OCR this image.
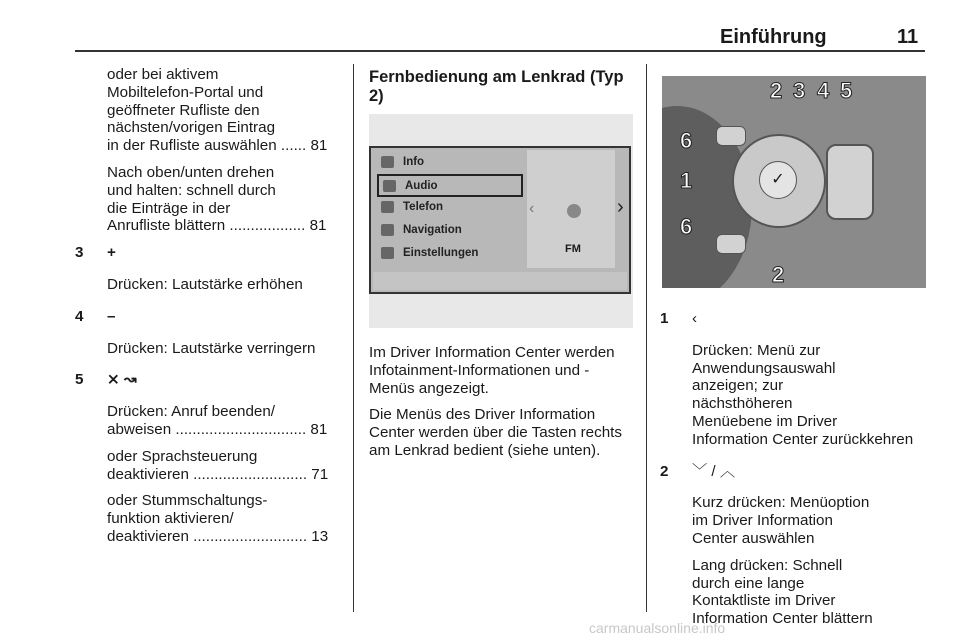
Einführung	11

oder bei aktivem
Mobiltelefon-Portal und
geöffneter Rufliste den
nächsten/vorigen Eintrag
in der Rufliste auswählen ...... 81

Nach oben/unten drehen
und halten: schnell durch
die Einträge in der
Anrufliste blättern .................. 81

3 +

Drücken: Lautstärke erhöhen

4 –

Drücken: Lautstärke verringern

5 ⨯ ↝

Drücken: Anruf beenden/
abweisen ............................... 81

oder Sprachsteuerung
deaktivieren ........................... 71

oder Stummschaltungs-
funktion aktivieren/
deaktivieren ........................... 13

Fernbedienung am Lenkrad (Typ
2)
Info
Audio
Telefon
Navigation
Einstellungen
‹	›
FM

Im Driver Information Center werden
Infotainment-Informationen und -
Menüs angezeigt.

Die Menüs des Driver Information
Center werden über die Tasten rechts
am Lenkrad bedient (siehe unten).

✓
2 3 4 5
6
1
6
2

1 ‹

Drücken: Menü zur
Anwendungsauswahl
anzeigen; zur
nächsthöheren
Menüebene im Driver
Information Center zurückkehren

2 ﹀ / ︿

Kurz drücken: Menüoption
im Driver Information
Center auswählen

Lang drücken: Schnell
durch eine lange
Kontaktliste im Driver
Information Center blättern

carmanualsonline.info
